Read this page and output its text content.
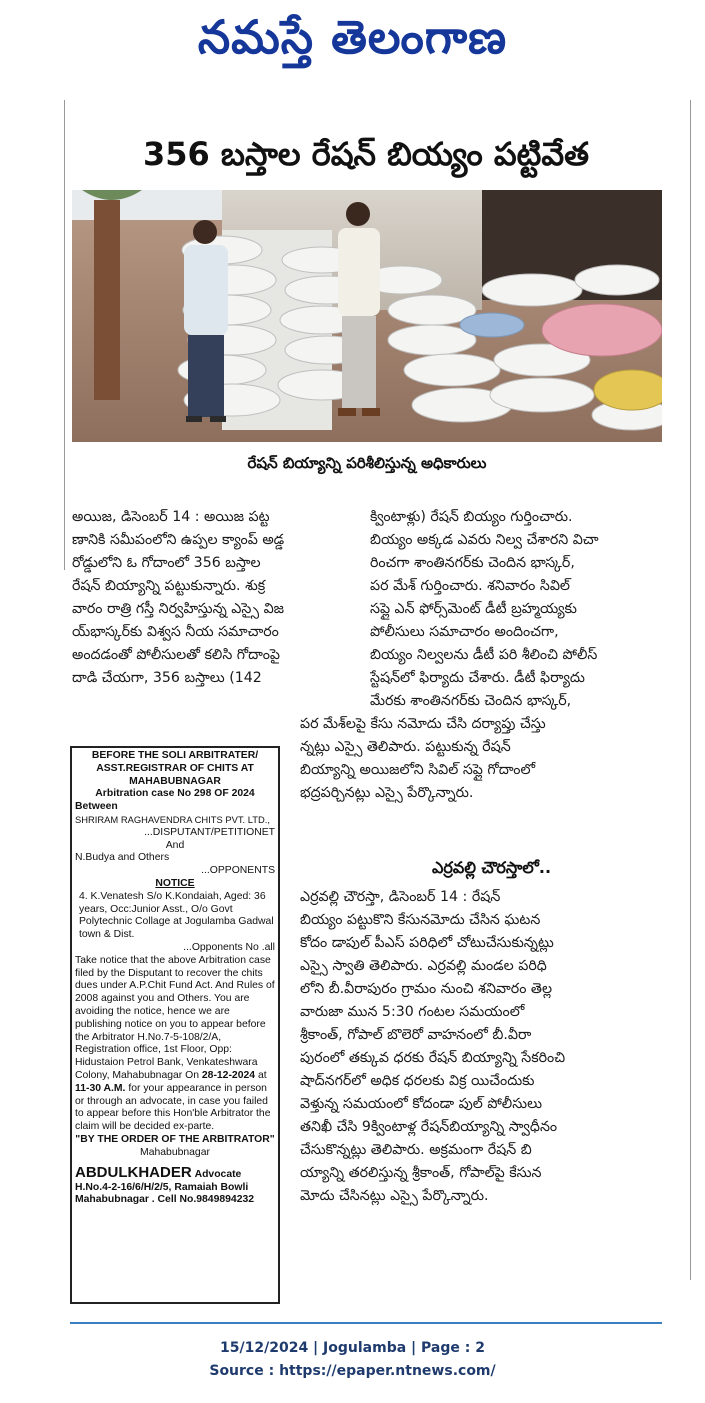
నమస్తే తెలంగాణ

356 బస్తాల రేషన్ బియ్యం పట్టివేత
రేషన్ బియ్యాన్ని పరిశీలిస్తున్న అధికారులు
అయిజ, డిసెంబర్ 14 : అయిజ పట్ట
ణానికి సమీపంలోని ఉప్పల క్యాంప్ అడ్డ
రోడ్డులోని ఓ గోదాంలో 356 బస్తాల
రేషన్ బియ్యాన్ని పట్టుకున్నారు. శుక్ర
వారం రాత్రి గస్తీ నిర్వహిస్తున్న ఎస్సై విజ
య్‌భాస్కర్‌కు విశ్వస నీయ సమాచారం
అందడంతో పోలీసులతో కలిసి గోదాంపై
దాడి చేయగా, 356 బస్తాలు (142
క్వింటాళ్లు) రేషన్ బియ్యం గుర్తించారు.
బియ్యం అక్కడ ఎవరు నిల్వ చేశారని విచా
రించగా శాంతినగర్‌కు చెందిన భాస్కర్,
పర మేశ్ గుర్తించారు. శనివారం సివిల్
సప్లై ఎన్ ఫోర్స్‌మెంట్ డీటీ బ్రహ్మయ్యకు
పోలీసులు సమాచారం అందించగా,
బియ్యం నిల్వలను డీటీ పరి శీలించి పోలీస్
స్టేషన్‌లో ఫిర్యాదు చేశారు. డీటీ ఫిర్యాదు
మేరకు శాంతినగర్‌కు చెందిన భాస్కర్,
పర మేశ్‌లపై కేసు నమోదు చేసి దర్యాప్తు చేస్తు
న్నట్లు ఎస్సై తెలిపారు. పట్టుకున్న రేషన్
బియ్యాన్ని అయిజలోని సివిల్ సప్లై గోదాంలో
భద్రపర్చినట్లు ఎస్సై పేర్కొన్నారు.
ఎర్రవల్లి చౌరస్తాలో..
ఎర్రవల్లి చౌరస్తా, డిసెంబర్ 14 : రేషన్
బియ్యం పట్టుకొని కేసునమోదు చేసిన ఘటన
కోదం డాపుల్ పీఎస్ పరిధిలో చోటుచేసుకున్నట్లు
ఎస్సై స్వాతి తెలిపారు. ఎర్రవల్లి మండల పరిధి
లోని బీ.వీరాపురం గ్రామం నుంచి శనివారం తెల్ల
వారుజా మున 5:30 గంటల సమయంలో
శ్రీకాంత్, గోపాల్ బొలెరో వాహనంలో బీ.వీరా
పురంలో తక్కువ ధరకు రేషన్ బియ్యాన్ని సేకరించి
షాద్‌నగర్‌లో అధిక ధరలకు విక్ర యిచేందుకు
వెళ్తున్న సమయంలో కోదండా పుల్ పోలీసులు
తనిఖీ చేసి 9క్వింటాళ్ల రేషన్‌బియ్యాన్ని స్వాధీనం
చేసుకొన్నట్లు తెలిపారు. అక్రమంగా రేషన్ బి
య్యాన్ని తరలిస్తున్న శ్రీకాంత్, గోపాల్‌పై కేసున
మోదు చేసినట్లు ఎస్సై పేర్కొన్నారు.
BEFORE THE SOLI ARBITRATER/
ASST.REGISTRAR OF CHITS AT
MAHABUBNAGAR
Arbitration case No 298 OF 2024
Between
SHRIRAM RAGHAVENDRA CHITS PVT. LTD.,
...DISPUTANT/PETITIONET
And
N.Budya and Others
...OPPONENTS
NOTICE
4. K.Venatesh S/o K.Kondaiah, Aged: 36 years, Occ:Junior Asst., O/o Govt Polytechnic Collage at Jogulamba Gadwal town & Dist.
...Opponents No .all
Take notice that the above Arbitration case filed by the Disputant to recover the chits dues under A.P.Chit Fund Act. And Rules of 2008 against you and Others. You are avoiding the notice, hence we are publishing notice on you to appear before the Arbitrator H.No.7-5-108/2/A, Registration office, 1st Floor, Opp: Hidustaion Petrol Bank, Venkateshwara Colony, Mahabubnagar On 28-12-2024 at 11-30 A.M. for your appearance in person or through an advocate, in case you failed to appear before this Hon'ble Arbitrator the claim will be decided ex-parte.
"BY THE ORDER OF THE ARBITRATOR"
Mahabubnagar
ABDULKHADER Advocate
H.No.4-2-16/6/H/2/5, Ramaiah Bowli
Mahabubnagar . Cell No.9849894232
15/12/2024 | Jogulamba | Page : 2
Source : https://epaper.ntnews.com/
